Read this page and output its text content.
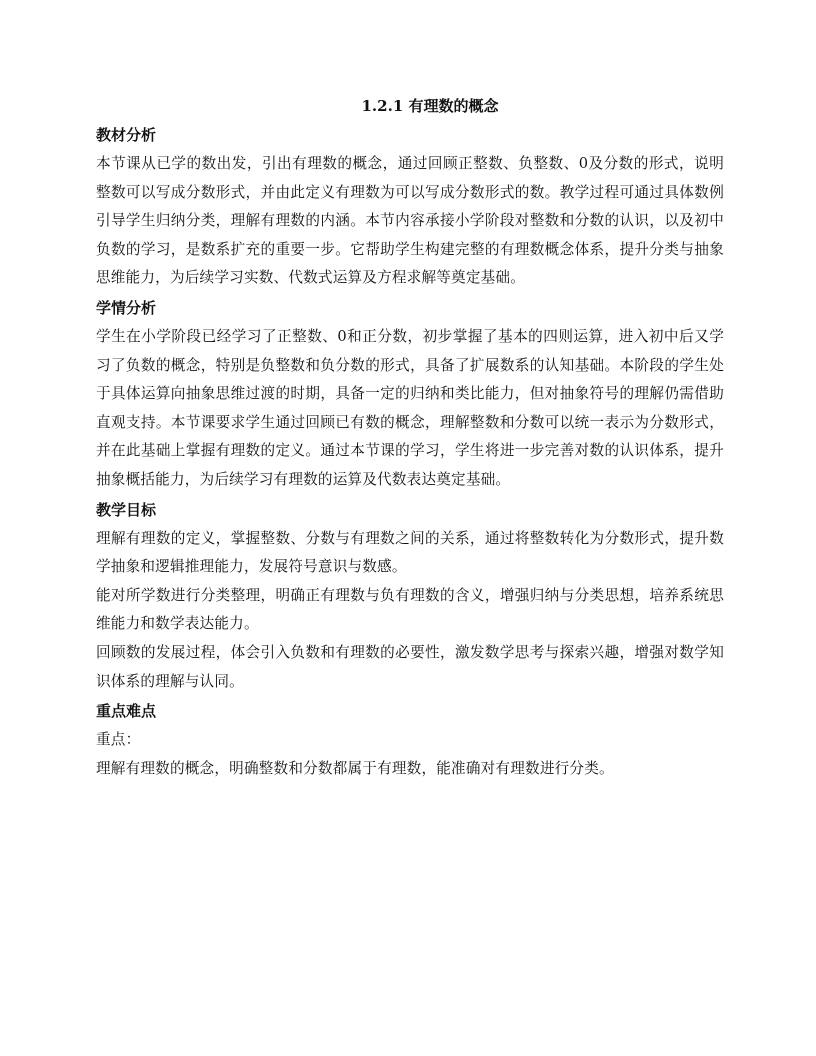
1.2.1 有理数的概念
教材分析

本节课从已学的数出发，引出有理数的概念，通过回顾正整数、负整数、0及分数的形式，说明整数可以写成分数形式，并由此定义有理数为可以写成分数形式的数。教学过程可通过具体数例引导学生归纳分类，理解有理数的内涵。本节内容承接小学阶段对整数和分数的认识，以及初中负数的学习，是数系扩充的重要一步。它帮助学生构建完整的有理数概念体系，提升分类与抽象思维能力，为后续学习实数、代数式运算及方程求解等奠定基础。

学情分析

学生在小学阶段已经学习了正整数、0和正分数，初步掌握了基本的四则运算，进入初中后又学习了负数的概念，特别是负整数和负分数的形式，具备了扩展数系的认知基础。本阶段的学生处于具体运算向抽象思维过渡的时期，具备一定的归纳和类比能力，但对抽象符号的理解仍需借助直观支持。本节课要求学生通过回顾已有数的概念，理解整数和分数可以统一表示为分数形式，并在此基础上掌握有理数的定义。通过本节课的学习，学生将进一步完善对数的认识体系，提升抽象概括能力，为后续学习有理数的运算及代数表达奠定基础。

教学目标
理解有理数的定义，掌握整数、分数与有理数之间的关系，通过将整数转化为分数形式，提升数学抽象和逻辑推理能力，发展符号意识与数感。
能对所学数进行分类整理，明确正有理数与负有理数的含义，增强归纳与分类思想，培养系统思维能力和数学表达能力。
回顾数的发展过程，体会引入负数和有理数的必要性，激发数学思考与探索兴趣，增强对数学知识体系的理解与认同。
重点难点

重点：

理解有理数的概念，明确整数和分数都属于有理数，能准确对有理数进行分类。
